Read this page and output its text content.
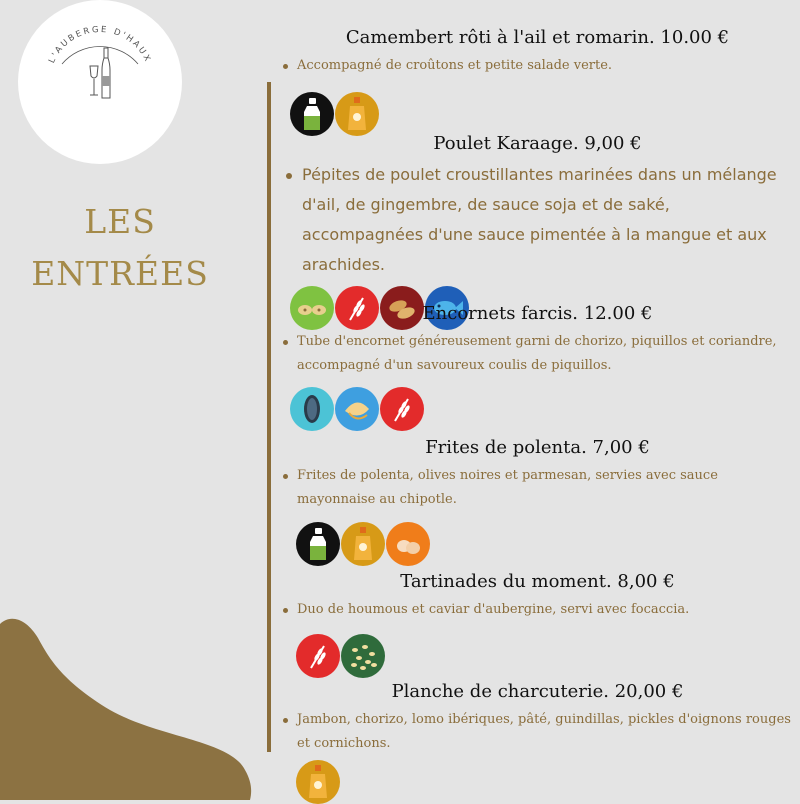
L'AUBERGE D'HAUX
LES
ENTRÉES
Camembert rôti à l'ail et romarin. 10.00 €
Accompagné de croûtons et petite salade verte.
Poulet Karaage. 9,00 €
Pépites de poulet croustillantes marinées dans un mélange d'ail, de gingembre, de sauce soja et de saké, accompagnées d'une sauce pimentée à la mangue et aux arachides.
Encornets farcis. 12.00 €
Tube d'encornet généreusement garni de chorizo, piquillos et coriandre, accompagné d'un savoureux coulis de piquillos.
Frites de polenta. 7,00 €
Frites de polenta, olives noires et parmesan, servies avec sauce mayonnaise au chipotle.
Tartinades du moment. 8,00 €
Duo de houmous et caviar d'aubergine, servi avec focaccia.
Planche de charcuterie. 20,00 €
Jambon, chorizo, lomo ibériques, pâté, guindillas, pickles d'oignons rouges et cornichons.
